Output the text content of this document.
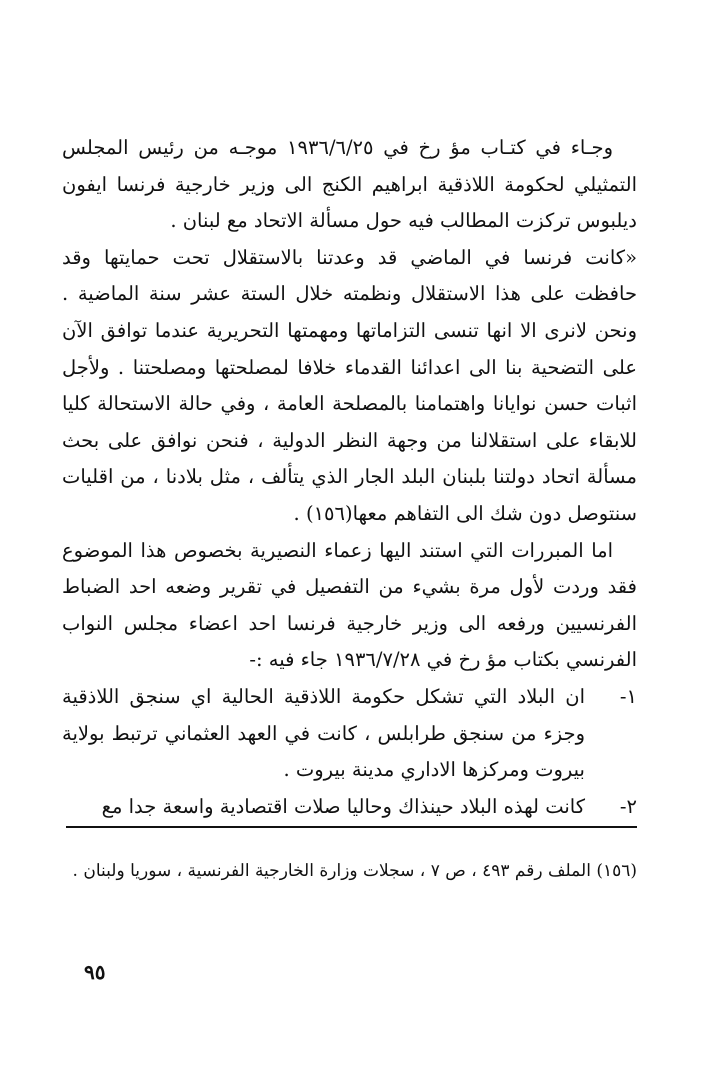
وجـاء في كتـاب مؤ رخ في ١٩٣٦/٦/٢٥ موجـه من رئيس المجلس التمثيلي لحكومة اللاذقية ابراهيم الكنج الى وزير خارجية فرنسا ايفون ديلبوس تركزت المطالب فيه حول مسألة الاتحاد مع لبنان .

«كانت فرنسا في الماضي قد وعدتنا بالاستقلال تحت حمايتها وقد حافظت على هذا الاستقلال ونظمته خلال الستة عشر سنة الماضية . ونحن لانرى الا انها تنسى التزاماتها ومهمتها التحريرية عندما توافق الآن على التضحية بنا الى اعدائنا القدماء خلافا لمصلحتها ومصلحتنا . ولأجل اثبات حسن نوايانا واهتمامنا بالمصلحة العامة ، وفي حالة الاستحالة كليا للابقاء على استقلالنا من وجهة النظر الدولية ، فنحن نوافق على بحث مسألة اتحاد دولتنا بلبنان البلد الجار الذي يتألف ، مثل بلادنا ، من اقليات سنتوصل دون شك الى التفاهم معها(١٥٦) .

اما المبررات التي استند اليها زعماء النصيرية بخصوص هذا الموضوع فقد وردت لأول مرة بشيء من التفصيل في تقرير وضعه احد الضباط الفرنسيين ورفعه الى وزير خارجية فرنسا احد اعضاء مجلس النواب الفرنسي بكتاب مؤ رخ في ١٩٣٦/٧/٢٨ جاء فيه :-

١-
ان البلاد التي تشكل حكومة اللاذقية الحالية اي سنجق اللاذقية وجزء من سنجق طرابلس ، كانت في العهد العثماني ترتبط بولاية بيروت ومركزها الاداري مدينة بيروت .
٢-
كانت لهذه البلاد حينذاك وحاليا صلات اقتصادية واسعة جدا مع
(١٥٦) الملف رقم ٤٩٣ ، ص ٧ ، سجلات وزارة الخارجية الفرنسية ، سوريا ولبنان .
٩٥
